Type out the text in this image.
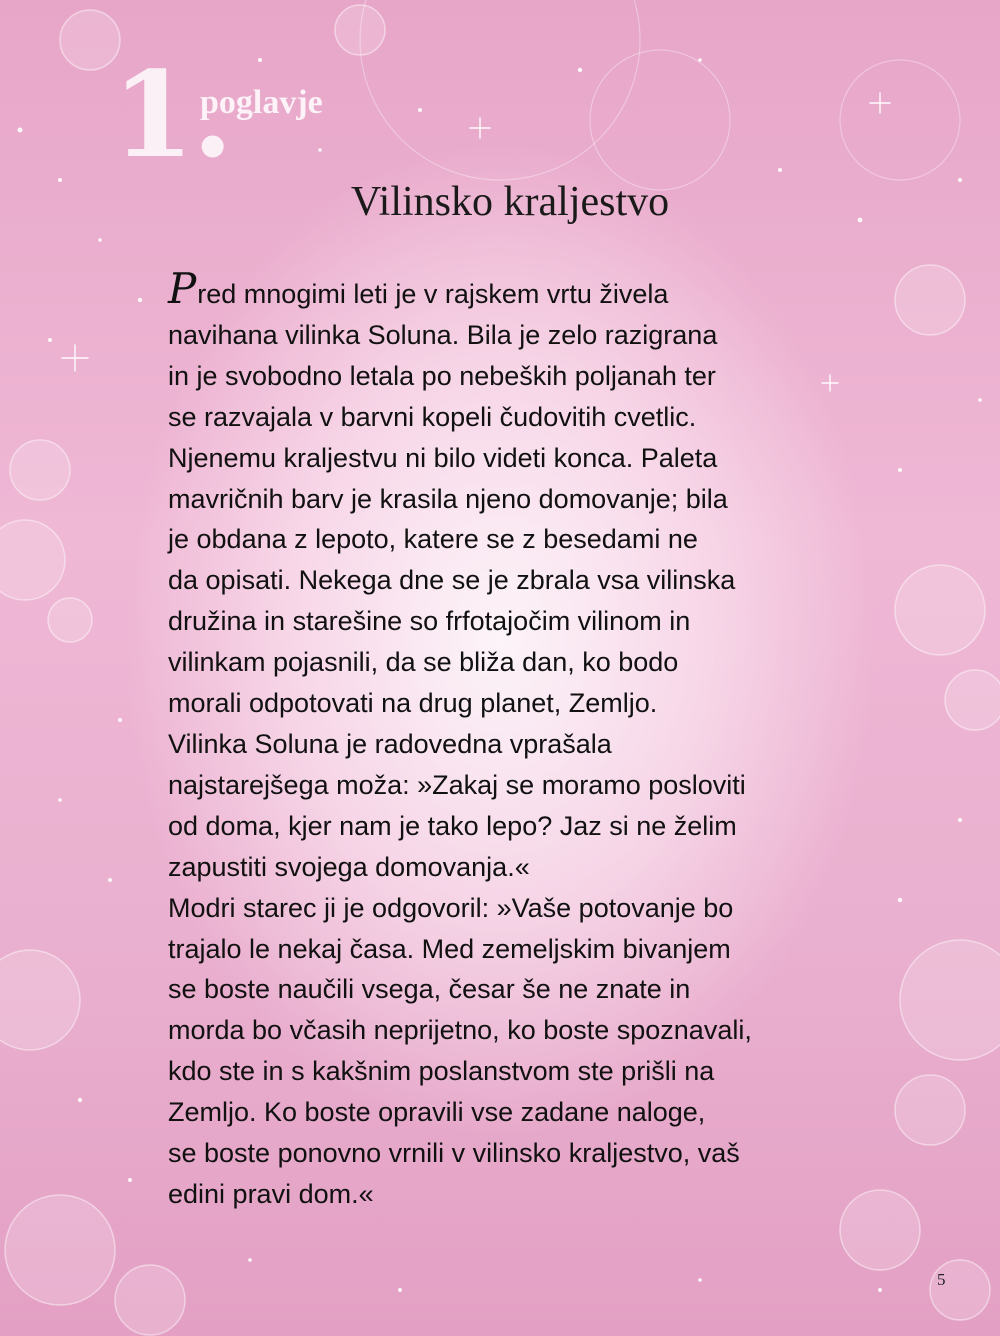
1.
poglavje
Vilinsko kraljestvo
Pred mnogimi leti je v rajskem vrtu živela
navihana vilinka Soluna. Bila je zelo razigrana
in je svobodno letala po nebeških poljanah ter
se razvajala v barvni kopeli čudovitih cvetlic.
Njenemu kraljestvu ni bilo videti konca. Paleta
mavričnih barv je krasila njeno domovanje; bila
je obdana z lepoto, katere se z besedami ne
da opisati. Nekega dne se je zbrala vsa vilinska
družina in starešine so frfotajočim vilinom in
vilinkam pojasnili, da se bliža dan, ko bodo
morali odpotovati na drug planet, Zemljo.
Vilinka Soluna je radovedna vprašala
najstarejšega moža: »Zakaj se moramo posloviti
od doma, kjer nam je tako lepo? Jaz si ne želim
zapustiti svojega domovanja.«
Modri starec ji je odgovoril: »Vaše potovanje bo
trajalo le nekaj časa. Med zemeljskim bivanjem
se boste naučili vsega, česar še ne znate in
morda bo včasih neprijetno, ko boste spoznavali,
kdo ste in s kakšnim poslanstvom ste prišli na
Zemljo. Ko boste opravili vse zadane naloge,
se boste ponovno vrnili v vilinsko kraljestvo, vaš
edini pravi dom.«
5
